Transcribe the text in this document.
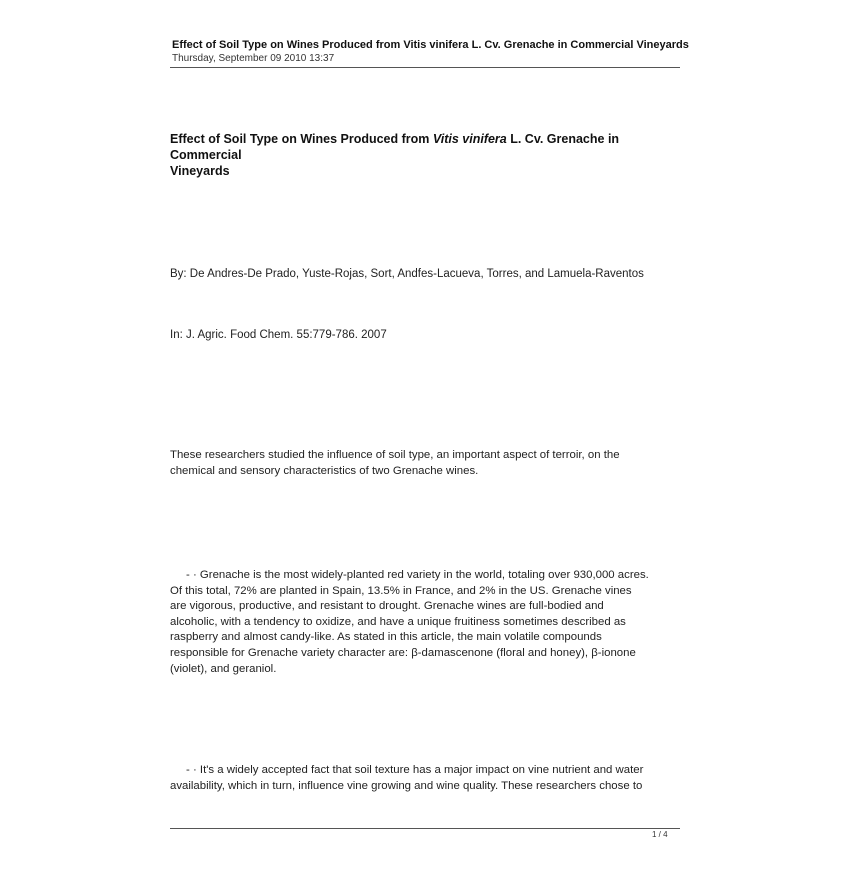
Effect of Soil Type on Wines Produced from Vitis vinifera L. Cv. Grenache in Commercial Vineyards
Thursday, September 09 2010 13:37
Effect of Soil Type on Wines Produced from Vitis vinifera L. Cv. Grenache in Commercial
Vineyards
By: De Andres-De Prado, Yuste-Rojas, Sort, Andfes-Lacueva, Torres, and Lamuela-Raventos
In: J. Agric. Food Chem. 55:779-786. 2007
These researchers studied the influence of soil type, an important aspect of terroir, on the
chemical and sensory characteristics of two Grenache wines.
- · Grenache is the most widely-planted red variety in the world, totaling over 930,000 acres.
Of this total, 72% are planted in Spain, 13.5% in France, and 2% in the US. Grenache vines
are vigorous, productive, and resistant to drought. Grenache wines are full-bodied and
alcoholic, with a tendency to oxidize, and have a unique fruitiness sometimes described as
raspberry and almost candy-like. As stated in this article, the main volatile compounds
responsible for Grenache variety character are: β-damascenone (floral and honey), β-ionone
(violet), and geraniol.
- · It's a widely accepted fact that soil texture has a major impact on vine nutrient and water
availability, which in turn, influence vine growing and wine quality. These researchers chose to
1 / 4
